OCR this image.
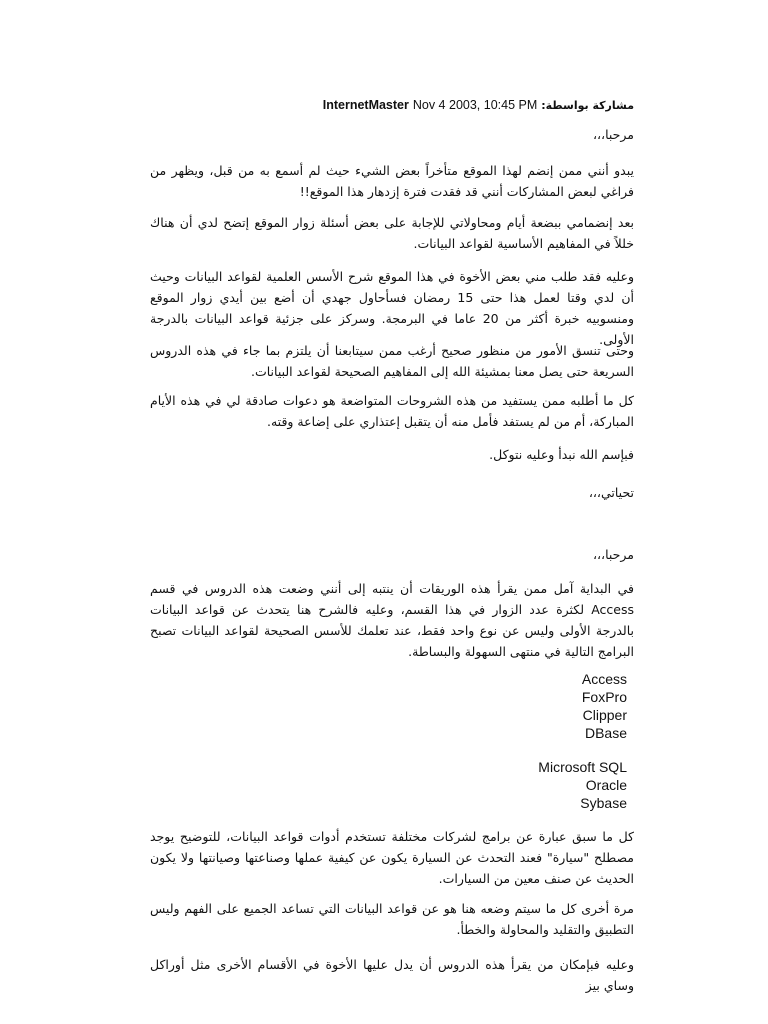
مشاركة بواسطة: InternetMaster Nov 4 2003, 10:45 PM

مرحبا،،،

يبدو أنني ممن إنضم لهذا الموقع متأخراً بعض الشيء حيث لم أسمع به من قبل، ويظهر من فراغي لبعض المشاركات أنني قد فقدت فترة إزدهار هذا الموقع!!

بعد إنضمامي ببضعة أيام ومحاولاتي للإجابة على بعض أسئلة زوار الموقع إتضح لدي أن هناك خللاً في المفاهيم الأساسية لقواعد البيانات.

وعليه فقد طلب مني بعض الأخوة في هذا الموقع شرح الأسس العلمية لقواعد البيانات وحيث أن لدي وقتا لعمل هذا حتى 15 رمضان فسأحاول جهدي أن أضع بين أيدي زوار الموقع ومنسوبيه خبرة أكثر من 20 عاما في البرمجة. وسركز على جزئية قواعد البيانات بالدرجة الأولى.

وحتى تنسق الأمور من منظور صحيح أرغب ممن سيتابعنا أن يلتزم بما جاء في هذه الدروس السريعة حتى يصل معنا بمشيئة الله إلى المفاهيم الصحيحة لقواعد البيانات.

كل ما أطلبه ممن يستفيد من هذه الشروحات المتواضعة هو دعوات صادقة لي في هذه الأيام المباركة، أم من لم يستفد فأمل منه أن يتقبل إعتذاري على إضاعة وقته.

فبإسم الله نبدأ وعليه نتوكل.

تحياتي،،،

مرحبا،،،

في البداية آمل ممن يقرأ هذه الوريقات أن ينتبه إلى أنني وضعت هذه الدروس في قسم Access لكثرة عدد الزوار في هذا القسم، وعليه فالشرح هنا يتحدث عن قواعد البيانات بالدرجة الأولى وليس عن نوع واحد فقط، عند تعلمك للأسس الصحيحة لقواعد البيانات تصبح البرامج التالية في منتهى السهولة والبساطة.

Access
FoxPro
Clipper
DBase
Microsoft SQL
Oracle
Sybase

كل ما سبق عبارة عن برامج لشركات مختلفة تستخدم أدوات قواعد البيانات، للتوضيح يوجد مصطلح "سيارة" فعند التحدث عن السيارة يكون عن كيفية عملها وصناعتها وصيانتها ولا يكون الحديث عن صنف معين من السيارات.

مرة أخرى كل ما سيتم وضعه هنا هو عن قواعد البيانات التي تساعد الجميع على الفهم وليس التطبيق والتقليد والمحاولة والخطأ.

وعليه فبإمكان من يقرأ هذه الدروس أن يدل عليها الأخوة في الأقسام الأخرى مثل أوراكل وساي بيز
